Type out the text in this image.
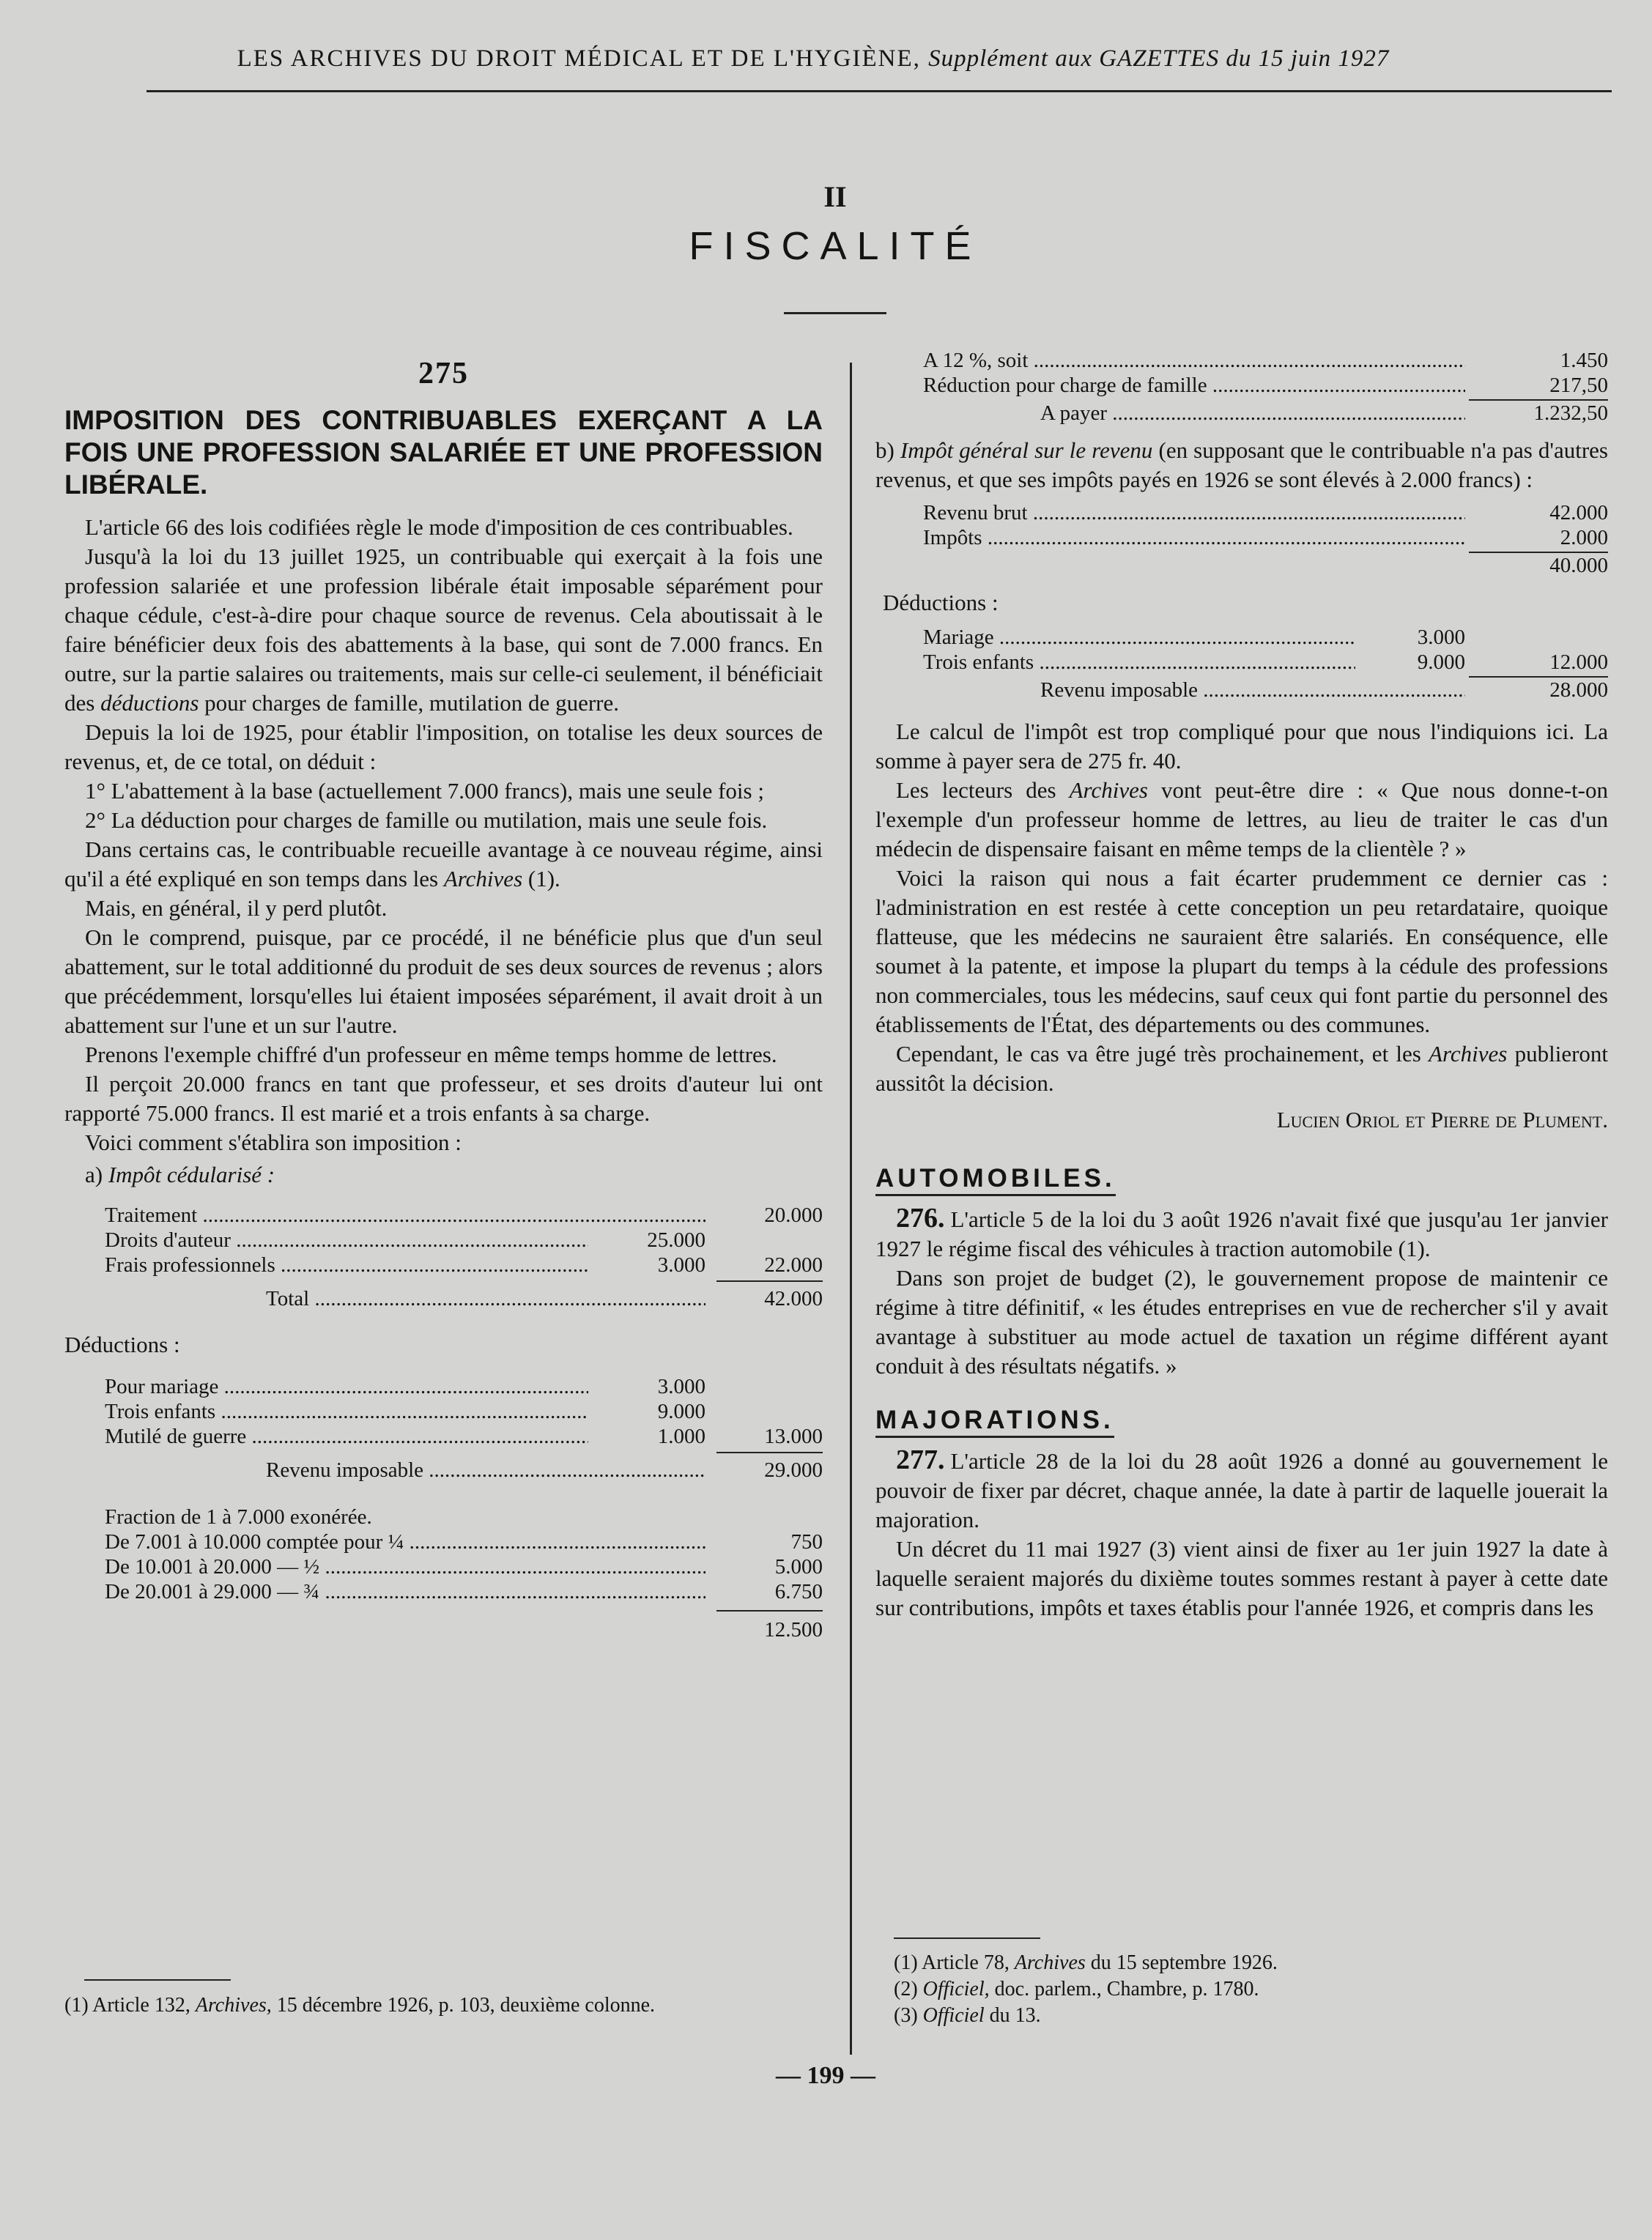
LES ARCHIVES DU DROIT MÉDICAL ET DE L'HYGIÈNE, Supplément aux GAZETTES du 15 juin 1927
II
FISCALITÉ
275
IMPOSITION DES CONTRIBUABLES EXERÇANT A LA FOIS UNE PROFESSION SALARIÉE ET UNE PROFESSION LIBÉRALE.

L'article 66 des lois codifiées règle le mode d'imposition de ces contribuables.

Jusqu'à la loi du 13 juillet 1925, un contribuable qui exerçait à la fois une profession salariée et une profession libérale était imposable séparément pour chaque cédule, c'est-à-dire pour chaque source de revenus. Cela aboutissait à le faire bénéficier deux fois des abattements à la base, qui sont de 7.000 francs. En outre, sur la partie salaires ou traitements, mais sur celle-ci seulement, il bénéficiait des déductions pour charges de famille, mutilation de guerre.

Depuis la loi de 1925, pour établir l'imposition, on totalise les deux sources de revenus, et, de ce total, on déduit :

1° L'abattement à la base (actuellement 7.000 francs), mais une seule fois ;

2° La déduction pour charges de famille ou mutilation, mais une seule fois.

Dans certains cas, le contribuable recueille avantage à ce nouveau régime, ainsi qu'il a été expliqué en son temps dans les Archives (1).

Mais, en général, il y perd plutôt.

On le comprend, puisque, par ce procédé, il ne bénéficie plus que d'un seul abattement, sur le total additionné du produit de ses deux sources de revenus ; alors que précédemment, lorsqu'elles lui étaient imposées séparément, il avait droit à un abattement sur l'une et un sur l'autre.

Prenons l'exemple chiffré d'un professeur en même temps homme de lettres.

Il perçoit 20.000 francs en tant que professeur, et ses droits d'auteur lui ont rapporté 75.000 francs. Il est marié et a trois enfants à sa charge.

Voici comment s'établira son imposition :

a) Impôt cédularisé :

Traitement .....	20.000
Droits d'auteur .....	25.000
Frais professionnels .....	3.000	22.000
Total .....	42.000

Déductions :

Pour mariage .....	3.000
Trois enfants .....	9.000
Mutilé de guerre .....	1.000	13.000
Revenu imposable .....	29.000
Fraction de 1 à 7.000 exonérée.
De 7.001 à 10.000 comptée pour ¼ .....	750
De 10.001 à 20.000 — ½ .....	5.000
De 20.001 à 29.000 — ¾ .....	6.750
12.500
(1) Article 132, Archives, 15 décembre 1926, p. 103, deuxième colonne.
A 12 %, soit .....	1.450
Réduction pour charge de famille .....	217,50
A payer .....	1.232,50

b) Impôt général sur le revenu (en supposant que le contribuable n'a pas d'autres revenus, et que ses impôts payés en 1926 se sont élevés à 2.000 francs) :

Revenu brut .....	42.000
Impôts .....	2.000
40.000

Déductions :

Mariage .....	3.000
Trois enfants .....	9.000	12.000
Revenu imposable .....	28.000

Le calcul de l'impôt est trop compliqué pour que nous l'indiquions ici. La somme à payer sera de 275 fr. 40.

Les lecteurs des Archives vont peut-être dire : « Que nous donne-t-on l'exemple d'un professeur homme de lettres, au lieu de traiter le cas d'un médecin de dispensaire faisant en même temps de la clientèle ? »

Voici la raison qui nous a fait écarter prudemment ce dernier cas : l'administration en est restée à cette conception un peu retardataire, quoique flatteuse, que les médecins ne sauraient être salariés. En conséquence, elle soumet à la patente, et impose la plupart du temps à la cédule des professions non commerciales, tous les médecins, sauf ceux qui font partie du personnel des établissements de l'État, des départements ou des communes.

Cependant, le cas va être jugé très prochainement, et les Archives publieront aussitôt la décision.

Lucien Oriol et Pierre de Plument.

AUTOMOBILES.

276. L'article 5 de la loi du 3 août 1926 n'avait fixé que jusqu'au 1er janvier 1927 le régime fiscal des véhicules à traction automobile (1).

Dans son projet de budget (2), le gouvernement propose de maintenir ce régime à titre définitif, « les études entreprises en vue de rechercher s'il y avait avantage à substituer au mode actuel de taxation un régime différent ayant conduit à des résultats négatifs. »

MAJORATIONS.

277. L'article 28 de la loi du 28 août 1926 a donné au gouvernement le pouvoir de fixer par décret, chaque année, la date à partir de laquelle jouerait la majoration.

Un décret du 11 mai 1927 (3) vient ainsi de fixer au 1er juin 1927 la date à laquelle seraient majorés du dixième toutes sommes restant à payer à cette date sur contributions, impôts et taxes établis pour l'année 1926, et compris dans les

(1) Article 78, Archives du 15 septembre 1926.
(2) Officiel, doc. parlem., Chambre, p. 1780.
(3) Officiel du 13.
— 199 —
